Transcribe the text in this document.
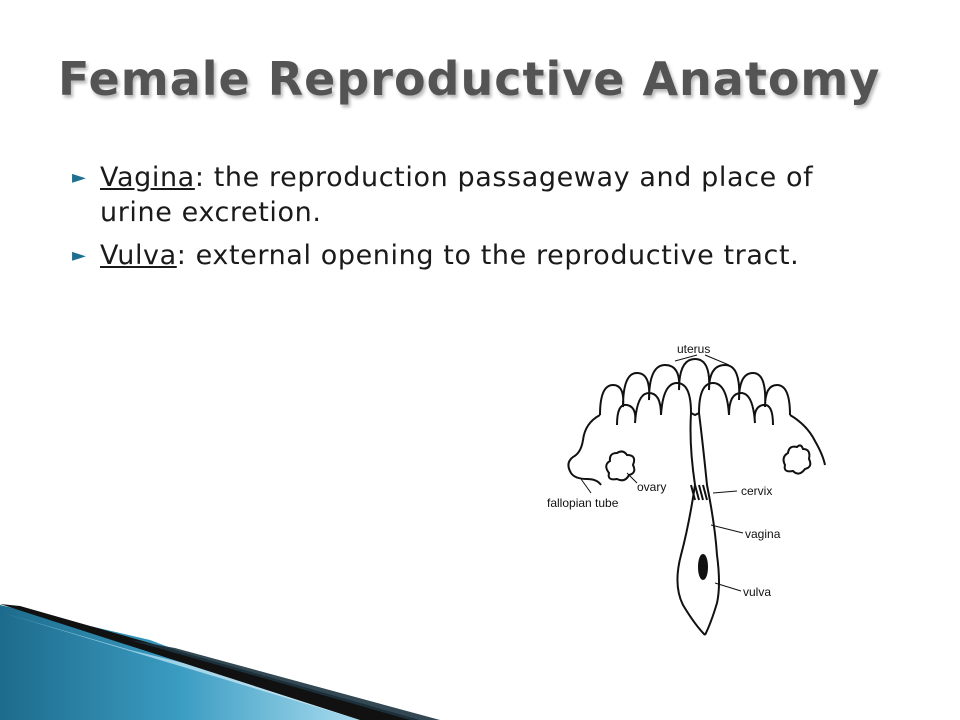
Female Reproductive Anatomy
► Vagina: the reproduction passageway and place of urine excretion.
► Vulva: external opening to the reproductive tract.
uterus
ovary
fallopian tube
cervix
vagina
vulva
